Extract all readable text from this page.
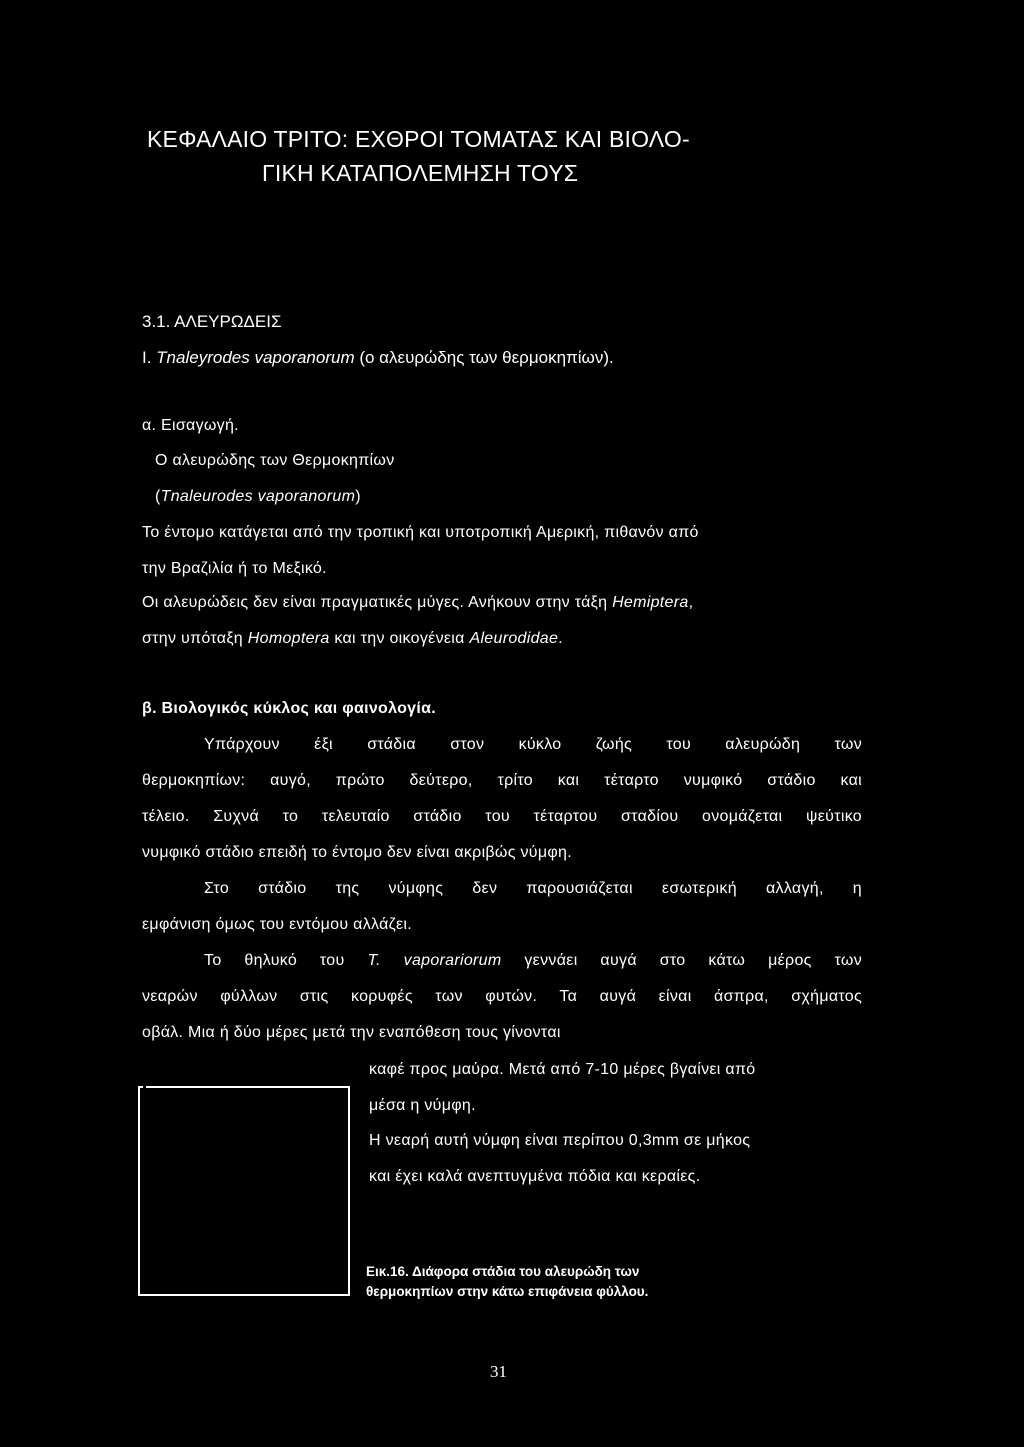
ΚΕΦΑΛΑΙΟ ΤΡΙΤΟ: ΕΧΘΡΟΙ ΤΟΜΑΤΑΣ ΚΑΙ ΒΙΟΛΟ-
ΓΙΚΗ ΚΑΤΑΠΟΛΕΜΗΣΗ ΤΟΥΣ
3.1. ΑΛΕΥΡΩΔΕΙΣ
Ι. Tnaleyrodes vaporanorum (ο αλευρώδης των θερμοκηπίων).
α. Εισαγωγή.
Ο αλευρώδης των Θερμοκηπίων
(Tnaleurodes vaporanorum)
Το έντομο κατάγεται από την τροπική και υποτροπική Αμερική, πιθανόν από
την Βραζιλία ή το Μεξικό.
Οι αλευρώδεις δεν είναι πραγματικές μύγες. Ανήκουν στην τάξη Hemiptera,
στην υπόταξη Homoptera και την οικογένεια Aleurodidae.
β. Βιολογικός κύκλος και φαινολογία.
Υπάρχουν έξι στάδια στον κύκλο ζωής του αλευρώδη των
θερμοκηπίων: αυγό, πρώτο δεύτερο, τρίτο και τέταρτο νυμφικό στάδιο και
τέλειο. Συχνά το τελευταίο στάδιο του τέταρτου σταδίου ονομάζεται ψεύτικο
νυμφικό στάδιο επειδή το έντομο δεν είναι ακριβώς νύμφη.
Στο στάδιο της νύμφης δεν παρουσιάζεται εσωτερική αλλαγή, η
εμφάνιση όμως του εντόμου αλλάζει.
Το θηλυκό του T. vaporariorum γεννάει αυγά στο κάτω μέρος των
νεαρών φύλλων στις κορυφές των φυτών. Τα αυγά είναι άσπρα, σχήματος
οβάλ. Μια ή δύο μέρες μετά την εναπόθεση τους γίνονται
καφέ προς μαύρα. Μετά από 7-10 μέρες βγαίνει από
μέσα η νύμφη.
Η νεαρή αυτή νύμφη είναι περίπου 0,3mm σε μήκος
και έχει καλά ανεπτυγμένα πόδια και κεραίες.
Εικ.16. Διάφορα στάδια του αλευρώδη των
θερμοκηπίων στην κάτω επιφάνεια φύλλου.
31
